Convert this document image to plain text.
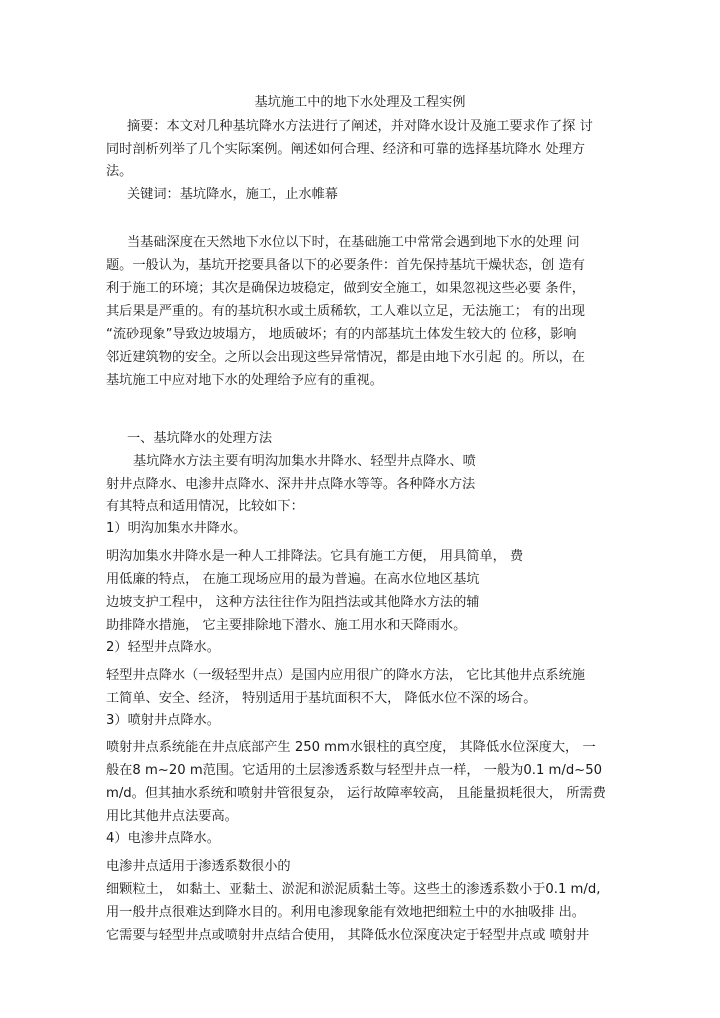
基坑施工中的地下水处理及工程实例
摘要：本文对几种基坑降水方法进行了阐述，并对降水设计及施工要求作了探 讨
同时剖析列举了几个实际案例。阐述如何合理、经济和可靠的选择基坑降水 处理方
法。
关键词：基坑降水，施工，止水帷幕
当基础深度在天然地下水位以下时，在基础施工中常常会遇到地下水的处理 问
题。一般认为，基坑开挖要具备以下的必要条件：首先保持基坑干燥状态，创 造有
利于施工的环境；其次是确保边坡稳定，做到安全施工，如果忽视这些必要 条件，
其后果是严重的。有的基坑积水或土质稀软，工人难以立足，无法施工； 有的出现
“流砂现象”导致边坡塌方， 地质破坏；有的内部基坑土体发生较大的 位移，影响
邻近建筑物的安全。之所以会出现这些异常情况，都是由地下水引起 的。所以，在
基坑施工中应对地下水的处理给予应有的重视。
一、基坑降水的处理方法
基坑降水方法主要有明沟加集水井降水、轻型井点降水、喷
射井点降水、电渗井点降水、深井井点降水等等。各种降水方法
有其特点和适用情况，比较如下：
1）明沟加集水井降水。
明沟加集水井降水是一种人工排降法。它具有施工方便， 用具简单， 费
用低廉的特点， 在施工现场应用的最为普遍。在高水位地区基坑
边坡支护工程中， 这种方法往往作为阻挡法或其他降水方法的辅
助排降水措施， 它主要排除地下潜水、施工用水和天降雨水。
2）轻型井点降水。
轻型井点降水（一级轻型井点）是国内应用很广的降水方法， 它比其他井点系统施
工简单、安全、经济， 特别适用于基坑面积不大， 降低水位不深的场合。
3）喷射井点降水。
喷射井点系统能在井点底部产生 250 mm水银柱的真空度， 其降低水位深度大， 一
般在8 m~20 m范围。它适用的土层渗透系数与轻型井点一样， 一般为0.1 m/d~50
m/d。但其抽水系统和喷射井管很复杂， 运行故障率较高， 且能量损耗很大， 所需费
用比其他井点法要高。
4）电渗井点降水。
电渗井点适用于渗透系数很小的
细颗粒土， 如黏土、亚黏土、淤泥和淤泥质黏土等。这些土的渗透系数小于0.1 m/d,
用一般井点很难达到降水目的。利用电渗现象能有效地把细粒土中的水抽吸排 出。
它需要与轻型井点或喷射井点结合使用， 其降低水位深度决定于轻型井点或 喷射井
